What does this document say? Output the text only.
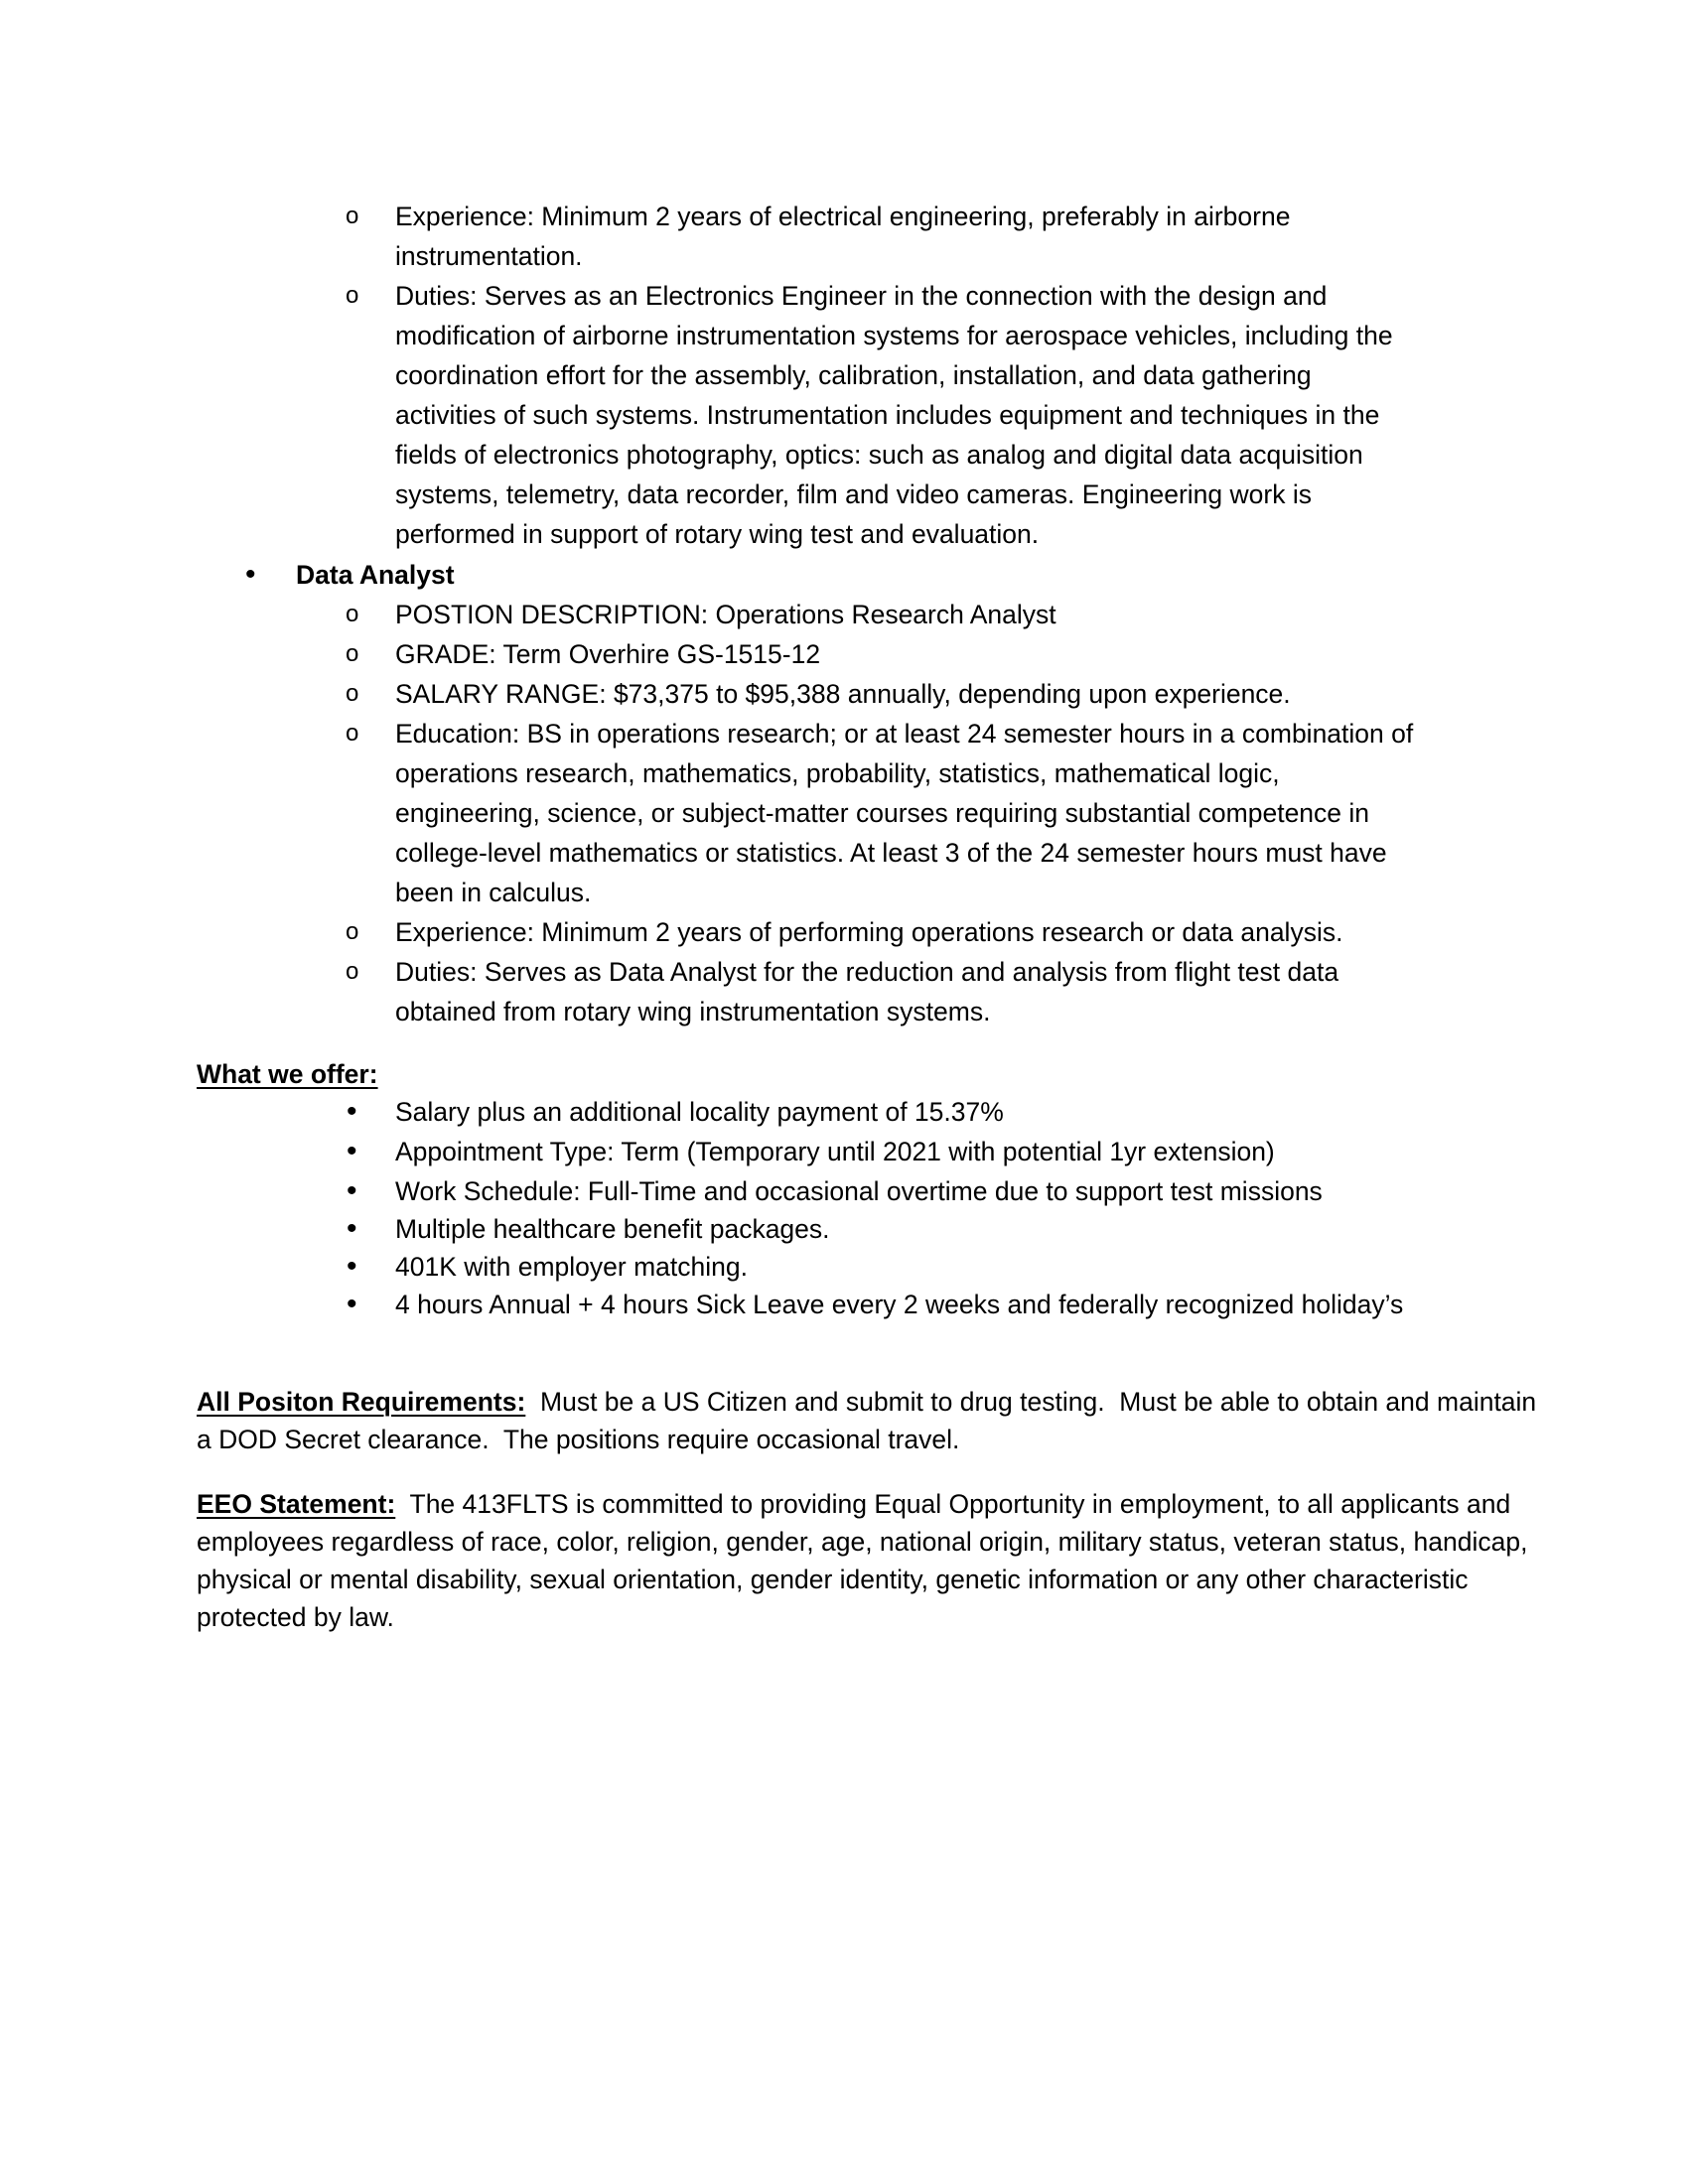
o Experience: Minimum 2 years of electrical engineering, preferably in airborne
instrumentation.
o Duties: Serves as an Electronics Engineer in the connection with the design and
modification of airborne instrumentation systems for aerospace vehicles, including the
coordination effort for the assembly, calibration, installation, and data gathering
activities of such systems. Instrumentation includes equipment and techniques in the
fields of electronics photography, optics: such as analog and digital data acquisition
systems, telemetry, data recorder, film and video cameras. Engineering work is
performed in support of rotary wing test and evaluation.
• Data Analyst
o POSTION DESCRIPTION: Operations Research Analyst
o GRADE: Term Overhire GS-1515-12
o SALARY RANGE: $73,375 to $95,388 annually, depending upon experience.
o Education: BS in operations research; or at least 24 semester hours in a combination of
operations research, mathematics, probability, statistics, mathematical logic,
engineering, science, or subject-matter courses requiring substantial competence in
college-level mathematics or statistics. At least 3 of the 24 semester hours must have
been in calculus.
o Experience: Minimum 2 years of performing operations research or data analysis.
o Duties: Serves as Data Analyst for the reduction and analysis from flight test data
obtained from rotary wing instrumentation systems.
What we offer:
• Salary plus an additional locality payment of 15.37%
• Appointment Type: Term (Temporary until 2021 with potential 1yr extension)
• Work Schedule: Full-Time and occasional overtime due to support test missions
• Multiple healthcare benefit packages.
• 401K with employer matching.
• 4 hours Annual + 4 hours Sick Leave every 2 weeks and federally recognized holiday’s
All Positon Requirements:  Must be a US Citizen and submit to drug testing.  Must be able to obtain and maintain a DOD Secret clearance.  The positions require occasional travel.
EEO Statement:  The 413FLTS is committed to providing Equal Opportunity in employment, to all applicants and employees regardless of race, color, religion, gender, age, national origin, military status, veteran status, handicap, physical or mental disability, sexual orientation, gender identity, genetic information or any other characteristic protected by law.
